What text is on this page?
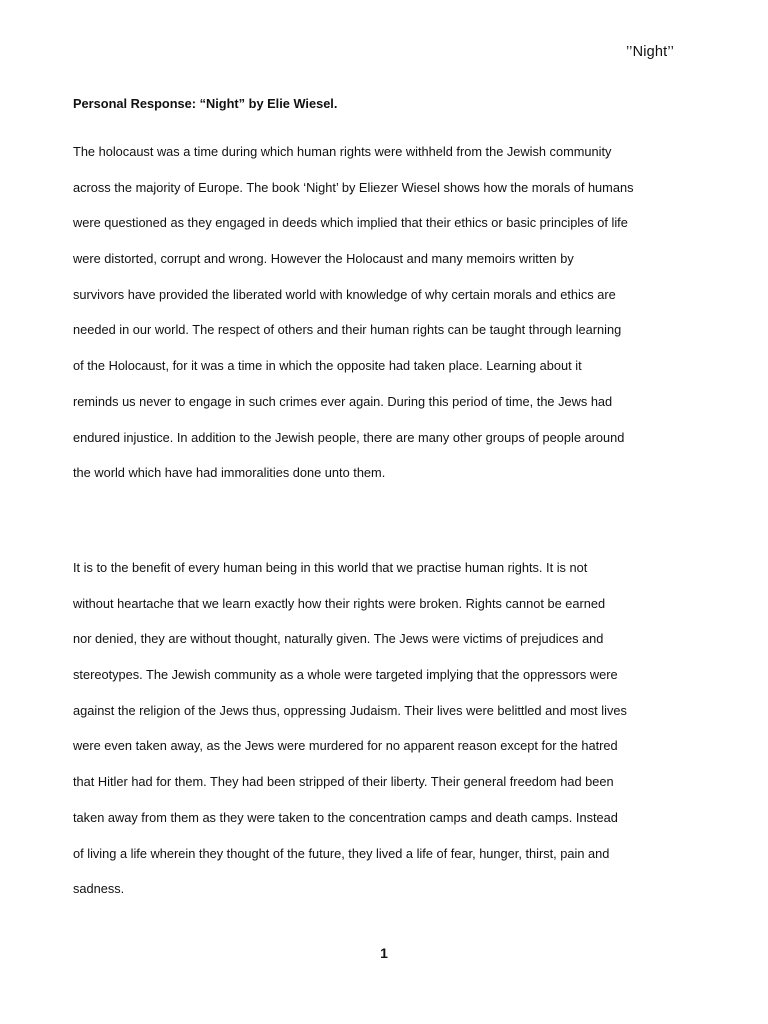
’’Night’’
Personal Response: “Night” by Elie Wiesel.
The holocaust was a time during which human rights were withheld from the Jewish community
across the majority of Europe. The book ‘Night’ by Eliezer Wiesel shows how the morals of humans
were questioned as they engaged in deeds which implied that their ethics or basic principles of life
were distorted, corrupt and wrong. However the Holocaust and many memoirs written by
survivors have provided the liberated world with knowledge of why certain morals and ethics are
needed in our world. The respect of others and their human rights can be taught through learning
of the Holocaust, for it was a time in which the opposite had taken place. Learning about it
reminds us never to engage in such crimes ever again. During this period of time, the Jews had
endured injustice. In addition to the Jewish people, there are many other groups of people around
the world which have had immoralities done unto them.
It is to the benefit of every human being in this world that we practise human rights. It is not
without heartache that we learn exactly how their rights were broken. Rights cannot be earned
nor denied, they are without thought, naturally given. The Jews were victims of prejudices and
stereotypes. The Jewish community as a whole were targeted implying that the oppressors were
against the religion of the Jews thus, oppressing Judaism. Their lives were belittled and most lives
were even taken away, as the Jews were murdered for no apparent reason except for the hatred
that Hitler had for them. They had been stripped of their liberty. Their general freedom had been
taken away from them as they were taken to the concentration camps and death camps. Instead
of living a life wherein they thought of the future, they lived a life of fear, hunger, thirst, pain and
sadness.
1
